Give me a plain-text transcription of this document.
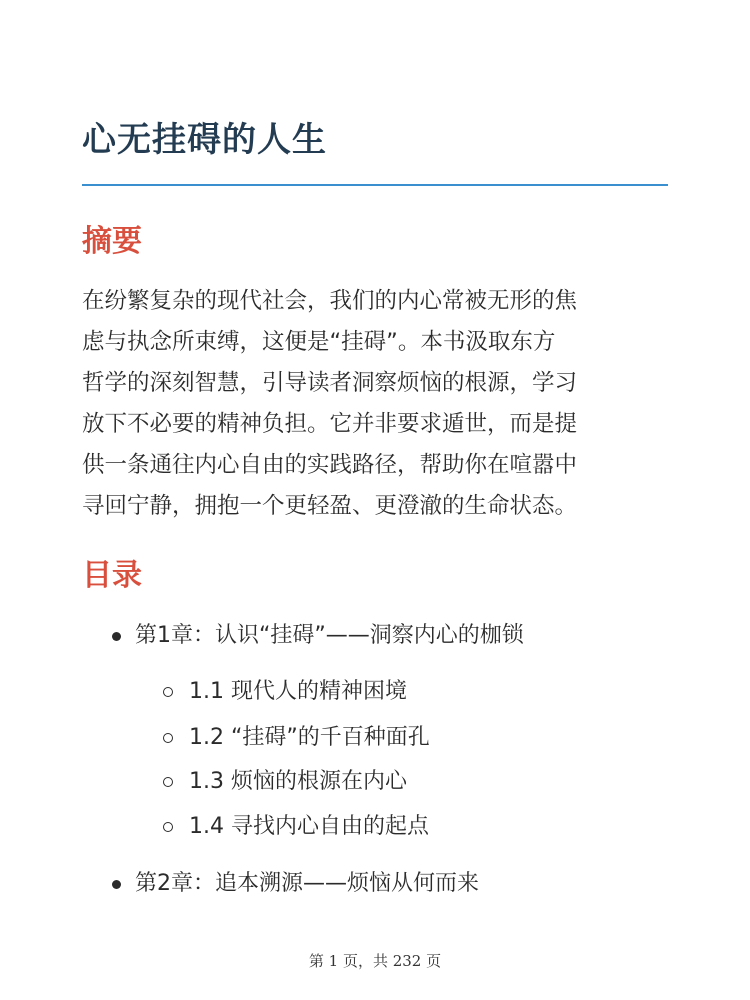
心无挂碍的人生
摘要

在纷繁复杂的现代社会，我们的内心常被无形的焦
虑与执念所束缚，这便是“挂碍”。本书汲取东方
哲学的深刻智慧，引导读者洞察烦恼的根源，学习
放下不必要的精神负担。它并非要求遁世，而是提
供一条通往内心自由的实践路径，帮助你在喧嚣中
寻回宁静，拥抱一个更轻盈、更澄澈的生命状态。

目录
第1章：认识“挂碍”——洞察内心的枷锁
1.1 现代人的精神困境
1.2 “挂碍”的千百种面孔
1.3 烦恼的根源在内心
1.4 寻找内心自由的起点
第2章：追本溯源——烦恼从何而来
第 1 页，共 232 页
